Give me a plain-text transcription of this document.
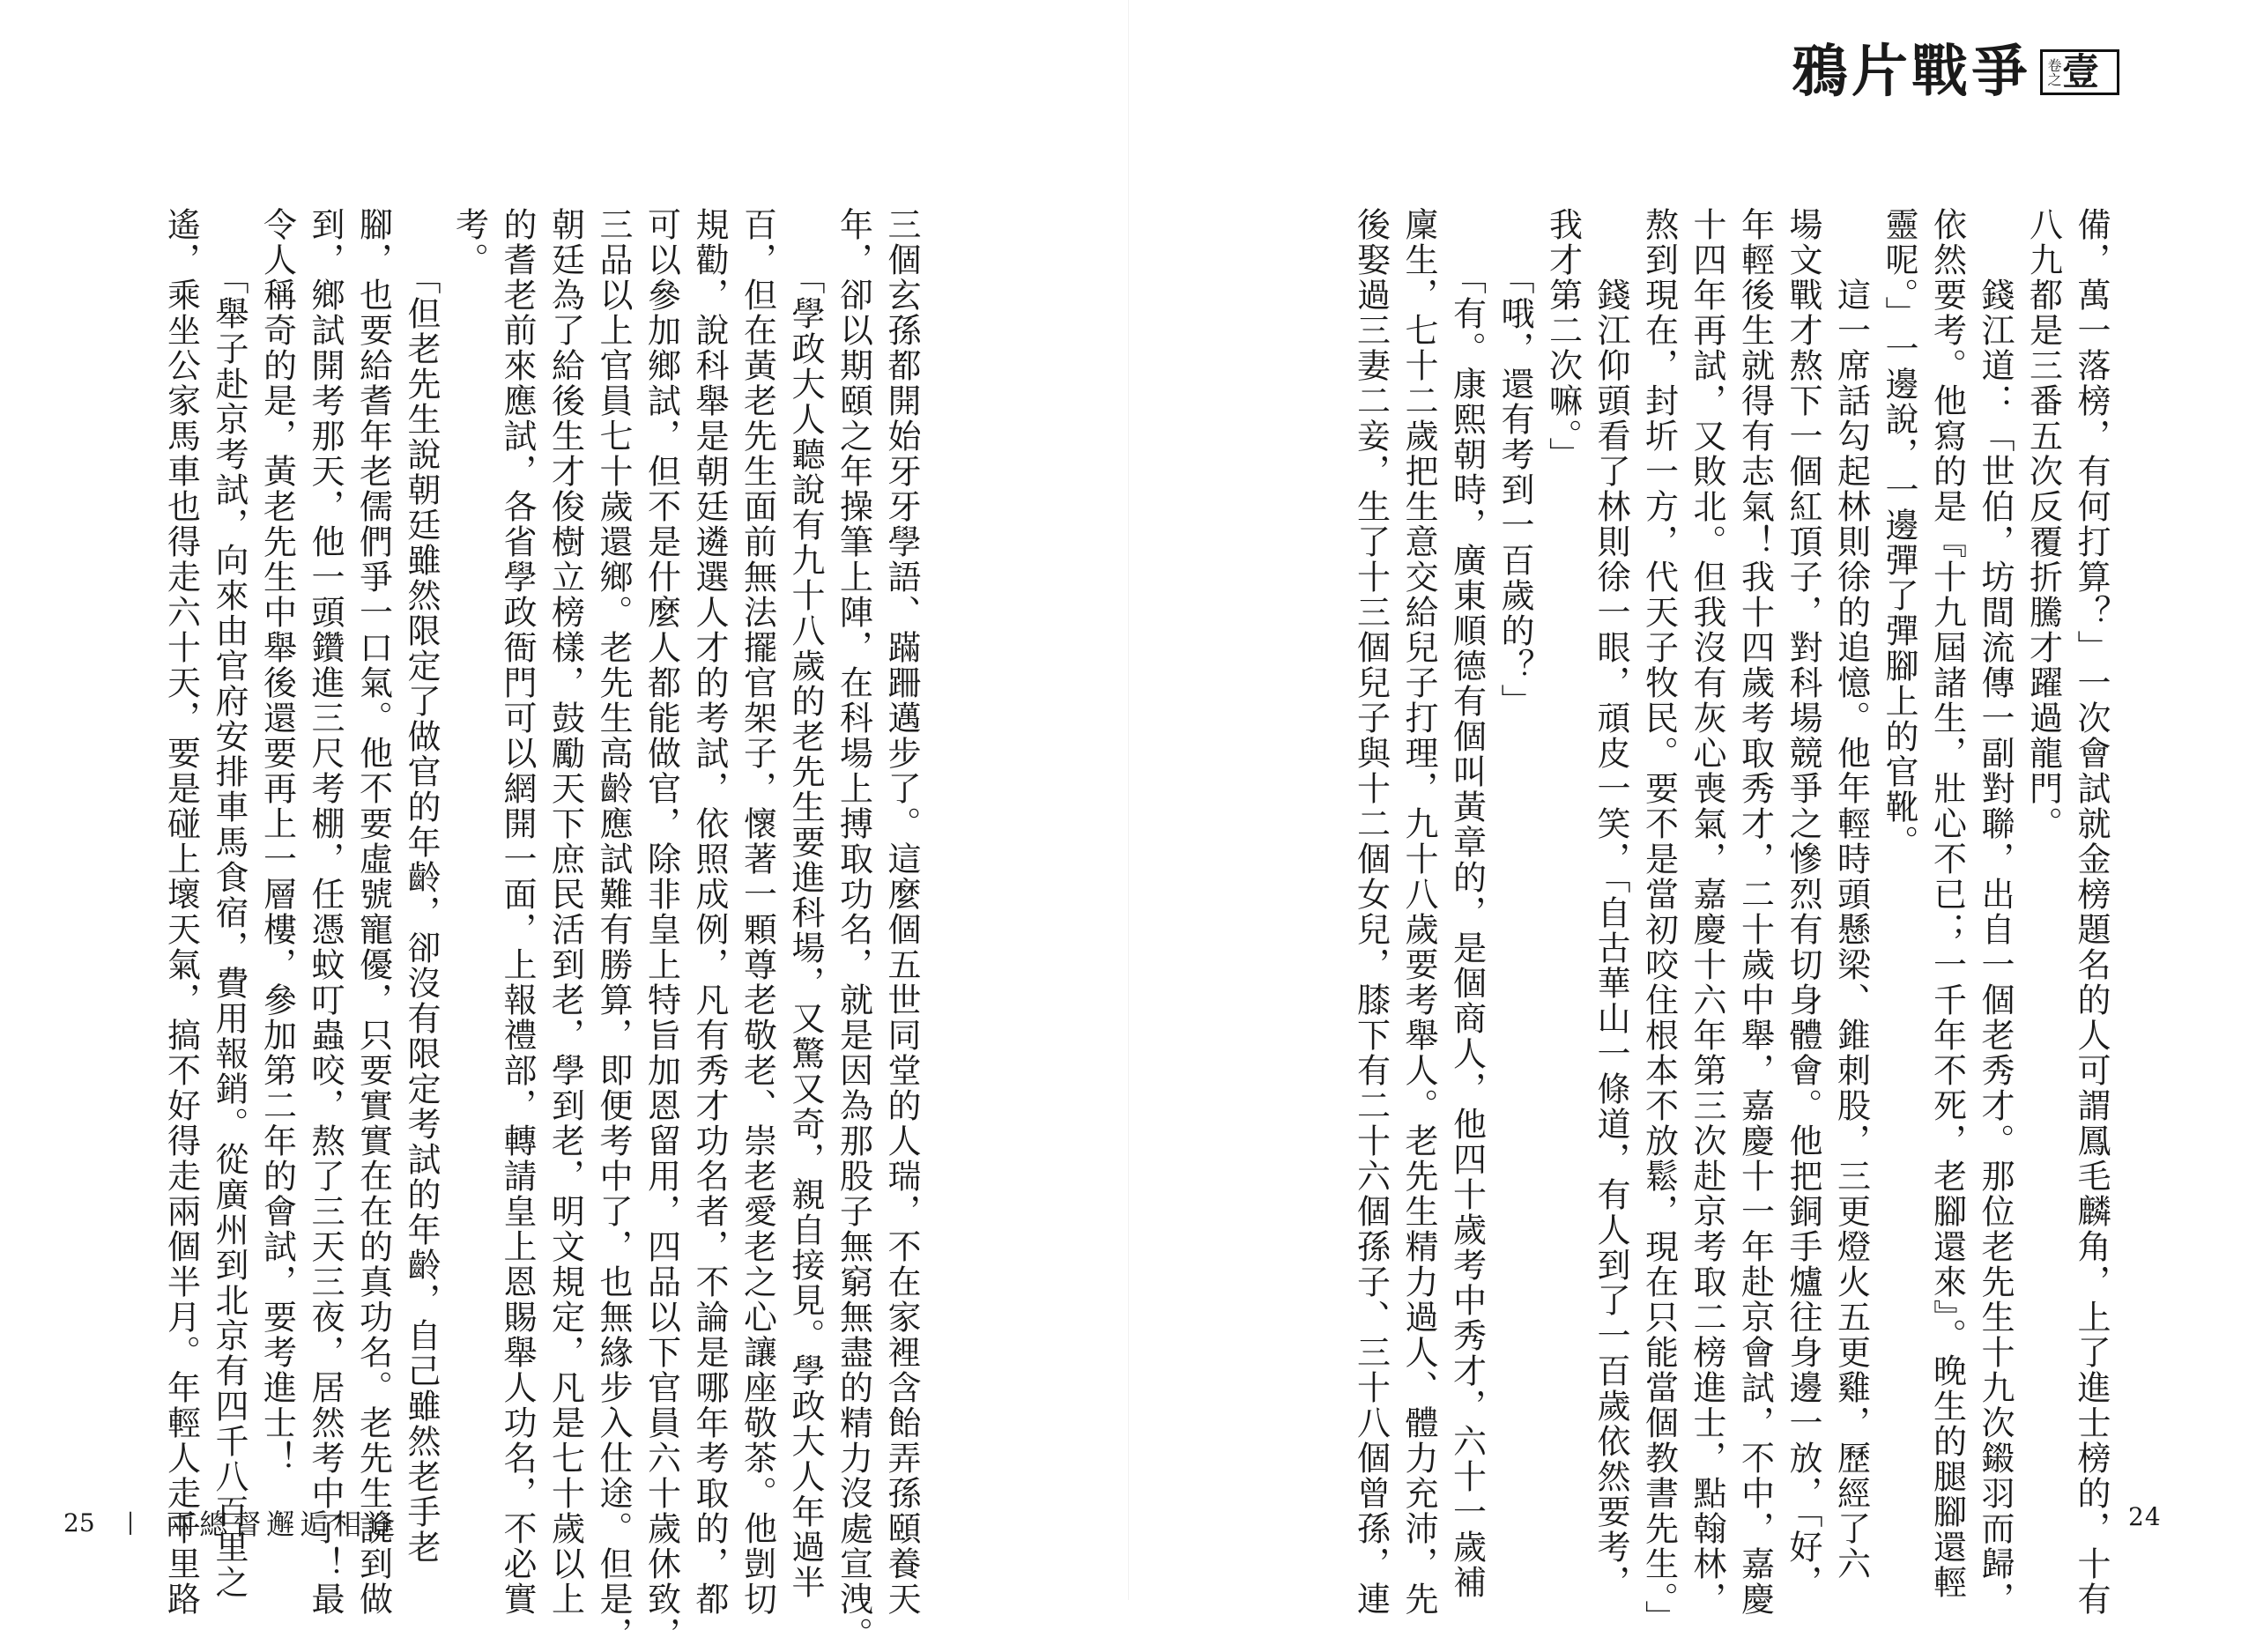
鴉片戰爭 卷之 壹

備，萬一落榜，有何打算？」一次會試就金榜題名的人可謂鳳毛麟角，上了進士榜的，十有

八九都是三番五次反覆折騰才躍過龍門。

　　錢江道：「世伯，坊間流傳一副對聯，出自一個老秀才。那位老先生十九次鎩羽而歸，

依然要考。他寫的是『十九屆諸生，壯心不已；一千年不死，老腳還來』。晚生的腿腳還輕

靈呢。」一邊說，一邊彈了彈腳上的官靴。

　　這一席話勾起林則徐的追憶。他年輕時頭懸梁、錐刺股，三更燈火五更雞，歷經了六

場文戰才熬下一個紅頂子，對科場競爭之慘烈有切身體會。他把銅手爐往身邊一放，「好，

年輕後生就得有志氣！我十四歲考取秀才，二十歲中舉，嘉慶十一年赴京會試，不中，嘉慶

十四年再試，又敗北。但我沒有灰心喪氣，嘉慶十六年第三次赴京考取二榜進士，點翰林，

熬到現在，封圻一方，代天子牧民。要不是當初咬住根本不放鬆，現在只能當個教書先生。」

　　錢江仰頭看了林則徐一眼，頑皮一笑，「自古華山一條道，有人到了一百歲依然要考，

我才第二次嘛。」

　　「哦，還有考到一百歲的？」

　　「有。康熙朝時，廣東順德有個叫黃章的，是個商人，他四十歲考中秀才，六十一歲補

廩生，七十二歲把生意交給兒子打理，九十八歲要考舉人。老先生精力過人、體力充沛，先

後娶過三妻二妾，生了十三個兒子與十二個女兒，膝下有二十六個孫子、三十八個曾孫，連

三個玄孫都開始牙牙學語、蹣跚邁步了。這麼個五世同堂的人瑞，不在家裡含飴弄孫頤養天

年，卻以期頤之年操筆上陣，在科場上搏取功名，就是因為那股子無窮無盡的精力沒處宣洩。

　　「學政大人聽說有九十八歲的老先生要進科場，又驚又奇，親自接見。學政大人年過半

百，但在黃老先生面前無法擺官架子，懷著一顆尊老敬老、崇老愛老之心讓座敬茶。他剴切

規勸，說科舉是朝廷遴選人才的考試，依照成例，凡有秀才功名者，不論是哪年考取的，都

可以參加鄉試，但不是什麼人都能做官，除非皇上特旨加恩留用，四品以下官員六十歲休致，

三品以上官員七十歲還鄉。老先生高齡應試難有勝算，即便考中了，也無緣步入仕途。但是，

朝廷為了給後生才俊樹立榜樣，鼓勵天下庶民活到老，學到老，明文規定，凡是七十歲以上

的耆老前來應試，各省學政衙門可以網開一面，上報禮部，轉請皇上恩賜舉人功名，不必實

考。

　　「但老先生說朝廷雖然限定了做官的年齡，卻沒有限定考試的年齡，自己雖然老手老

腳，也要給耆年老儒們爭一口氣。他不要虛號寵優，只要實實在在的真功名。老先生說到做

到，鄉試開考那天，他一頭鑽進三尺考棚，任憑蚊叮蟲咬，熬了三天三夜，居然考中了！最

令人稱奇的是，黃老先生中舉後還要再上一層樓，參加第二年的會試，要考進士！

　　「舉子赴京考試，向來由官府安排車馬食宿，費用報銷。從廣州到北京有四千八百里之

遙，乘坐公家馬車也得走六十天，要是碰上壞天氣，搞不好得走兩個半月。年輕人走千里路

25 | 兩總督邂逅相逢	24
